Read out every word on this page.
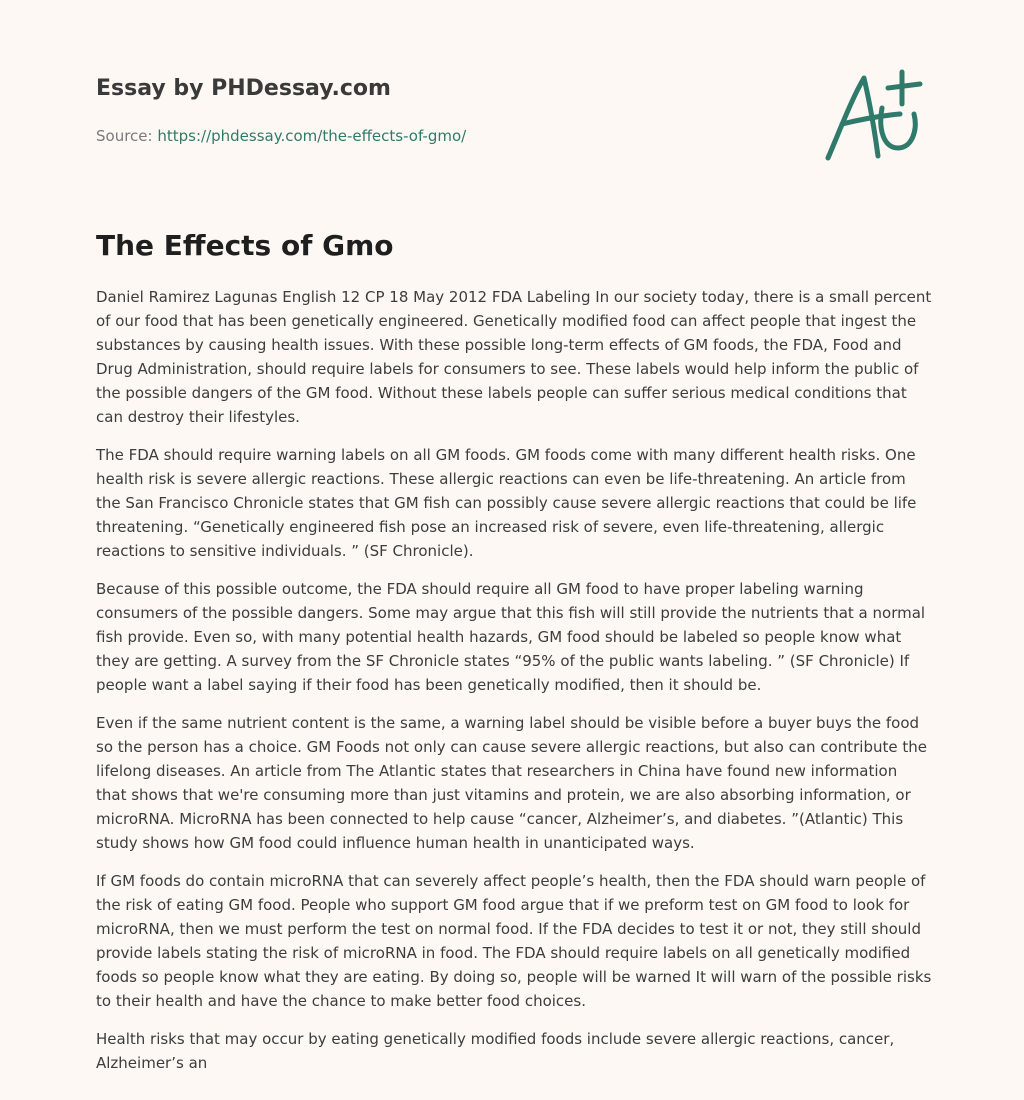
Essay by PHDessay.com
Source: https://phdessay.com/the-effects-of-gmo/
The Effects of Gmo

Daniel Ramirez Lagunas English 12 CP 18 May 2012 FDA Labeling In our society today, there is a small percent of our food that has been genetically engineered. Genetically modified food can affect people that ingest the substances by causing health issues. With these possible long-term effects of GM foods, the FDA, Food and Drug Administration, should require labels for consumers to see. These labels would help inform the public of the possible dangers of the GM food. Without these labels people can suffer serious medical conditions that can destroy their lifestyles.

The FDA should require warning labels on all GM foods. GM foods come with many different health risks. One health risk is severe allergic reactions. These allergic reactions can even be life-threatening. An article from the San Francisco Chronicle states that GM fish can possibly cause severe allergic reactions that could be life threatening. “Genetically engineered fish pose an increased risk of severe, even life-threatening, allergic reactions to sensitive individuals. ” (SF Chronicle).

Because of this possible outcome, the FDA should require all GM food to have proper labeling warning consumers of the possible dangers. Some may argue that this fish will still provide the nutrients that a normal fish provide. Even so, with many potential health hazards, GM food should be labeled so people know what they are getting. A survey from the SF Chronicle states “95% of the public wants labeling. ” (SF Chronicle) If people want a label saying if their food has been genetically modified, then it should be.

Even if the same nutrient content is the same, a warning label should be visible before a buyer buys the food so the person has a choice. GM Foods not only can cause severe allergic reactions, but also can contribute the lifelong diseases. An article from The Atlantic states that researchers in China have found new information that shows that we're consuming more than just vitamins and protein, we are also absorbing information, or microRNA. MicroRNA has been connected to help cause “cancer, Alzheimer’s, and diabetes. ”(Atlantic) This study shows how GM food could influence human health in unanticipated ways.

If GM foods do contain microRNA that can severely affect people’s health, then the FDA should warn people of the risk of eating GM food. People who support GM food argue that if we preform test on GM food to look for microRNA, then we must perform the test on normal food. If the FDA decides to test it or not, they still should provide labels stating the risk of microRNA in food. The FDA should require labels on all genetically modified foods so people know what they are eating. By doing so, people will be warned It will warn of the possible risks to their health and have the chance to make better food choices.

Health risks that may occur by eating genetically modified foods include severe allergic reactions, cancer, Alzheimer’s an
